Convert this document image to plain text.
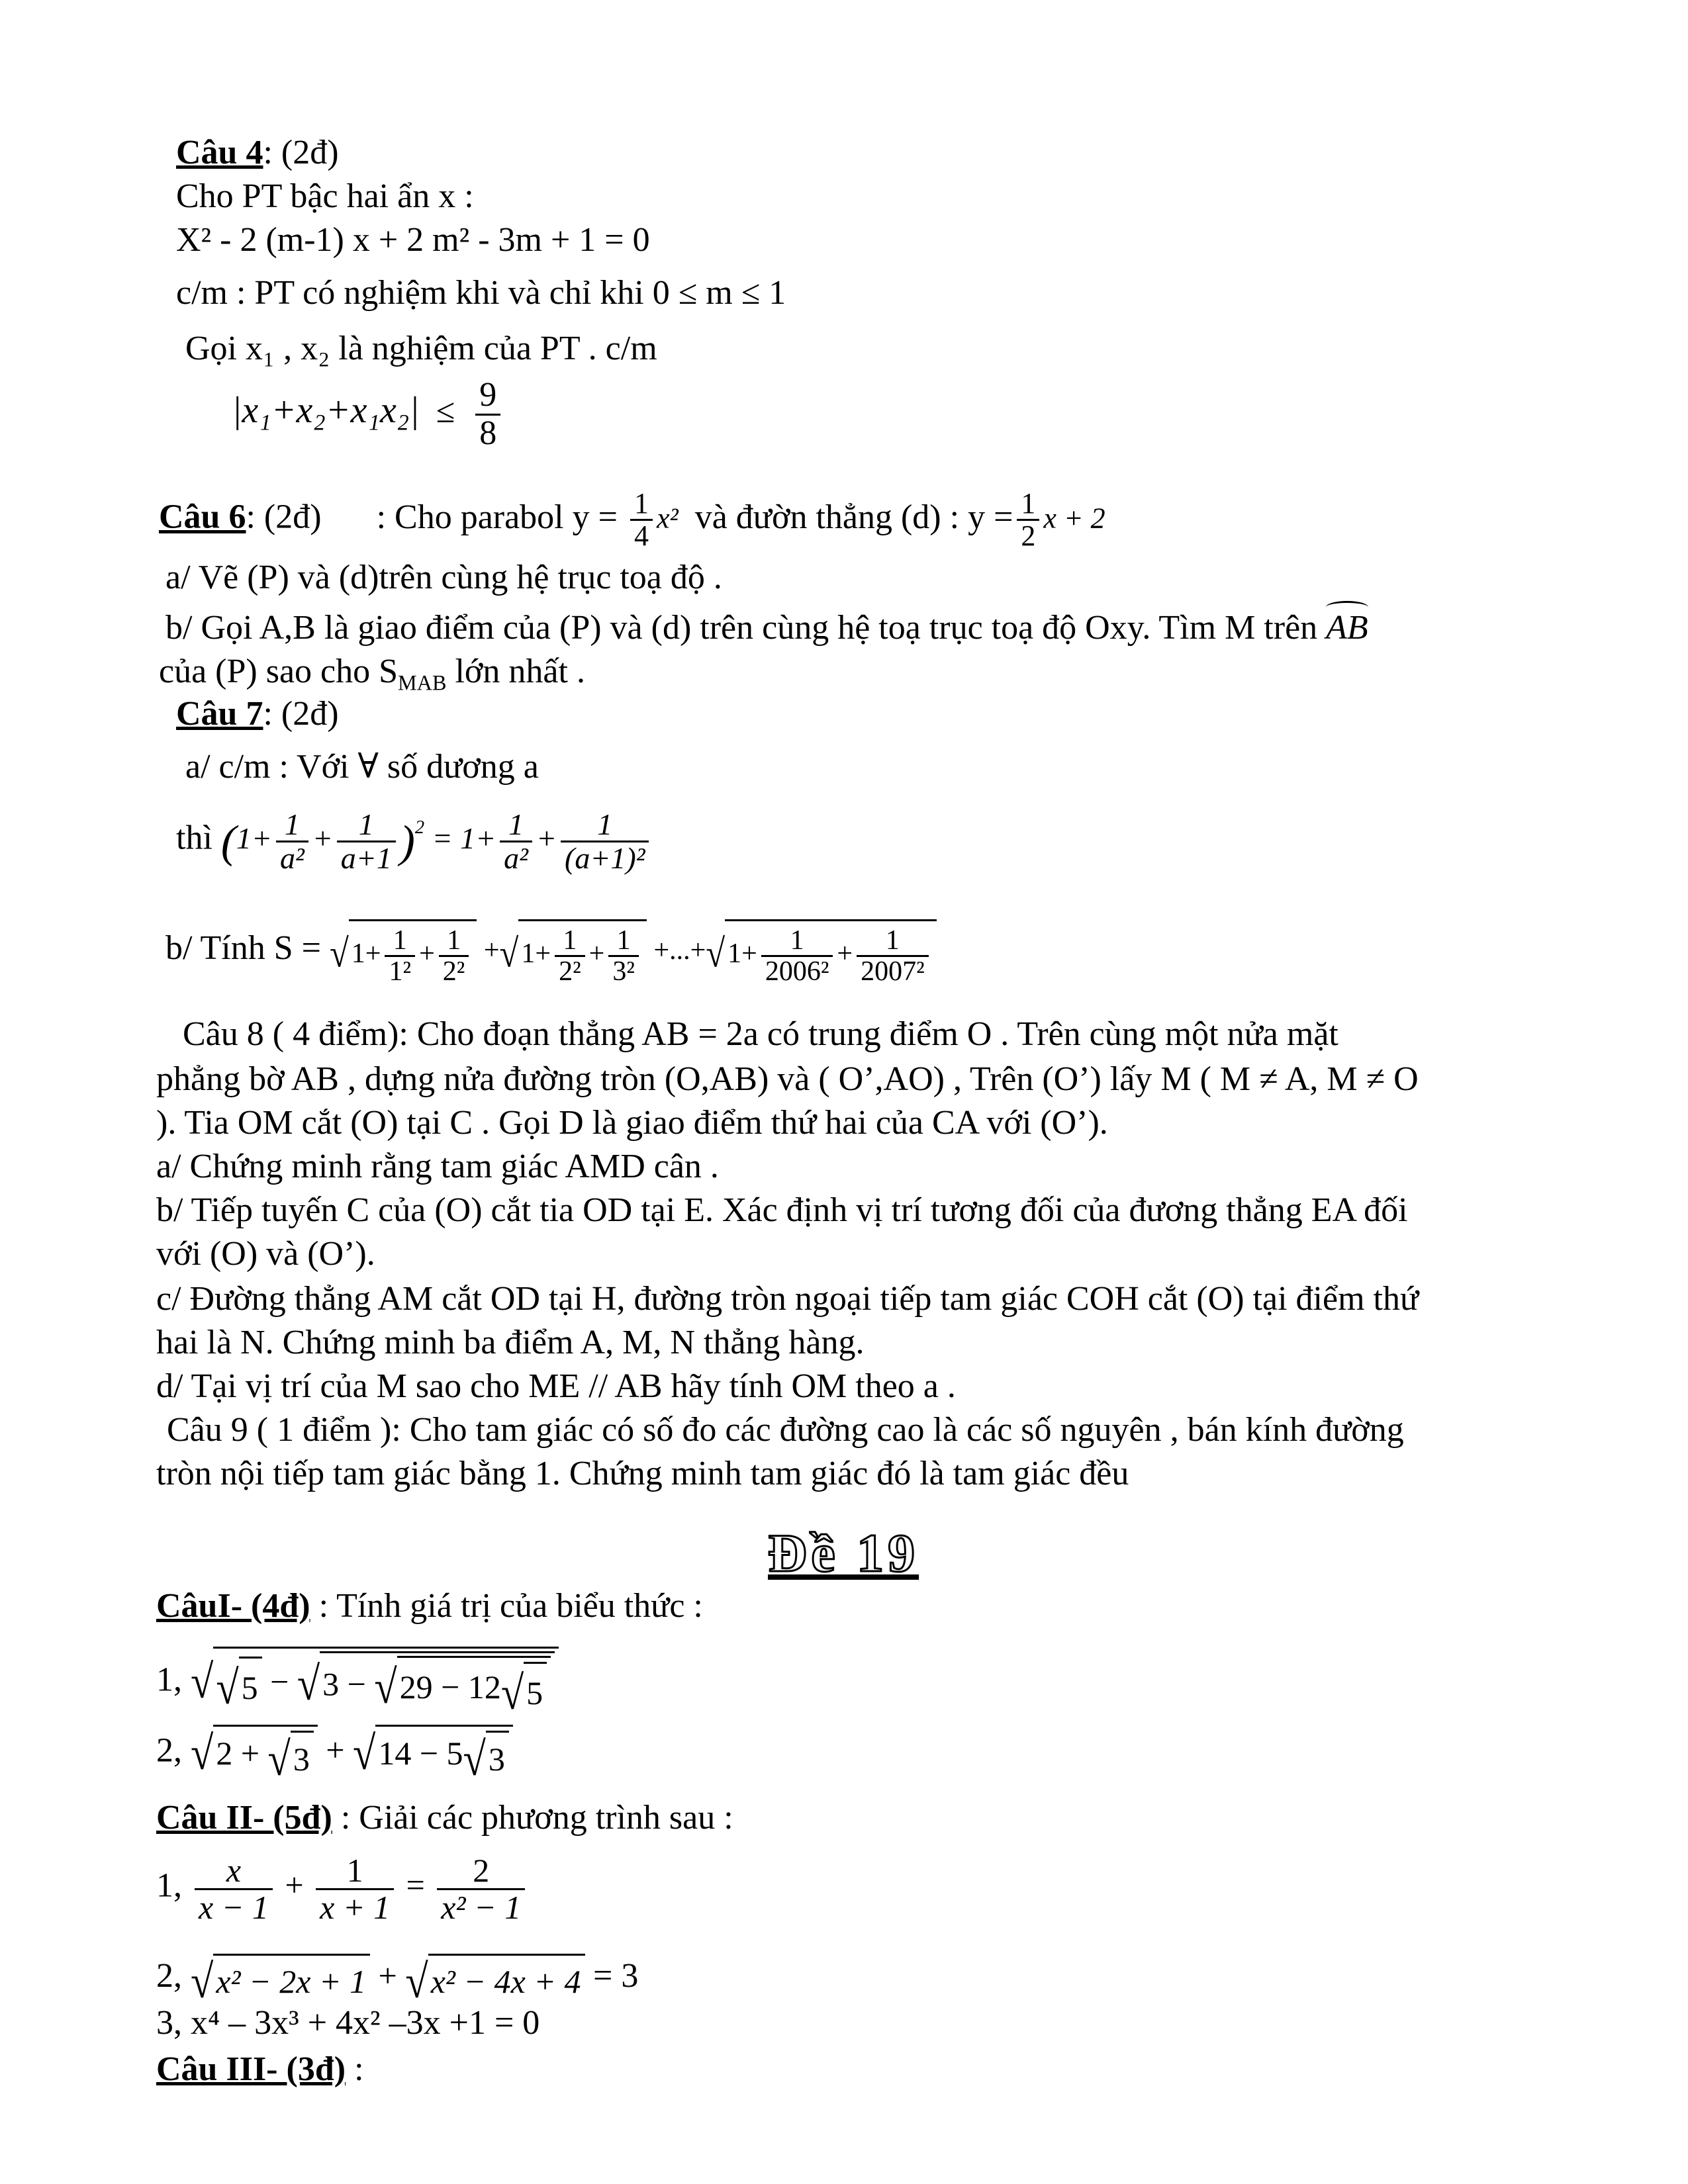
Câu 4: (2đ)
Cho PT bậc hai ẩn x :
X² - 2 (m-1) x + 2 m² - 3m + 1 = 0
c/m : PT có nghiệm khi và chỉ khi 0 ≤ m ≤ 1
Gọi x₁ , x₂ là nghiệm của PT . c/m
$|x_1+x_2+x_1x_2| \le \frac{9}{8}$
Câu 6: (2đ) : Cho parabol $y = \frac{1}{4} x^2$ và đườn thẳng (d) : $y = \frac{1}{2}$ x + 2
a/ Vẽ (P) và (d)trên cùng hệ trục toạ độ .
b/ Gọi A,B là giao điểm của (P) và (d) trên cùng hệ toạ trục toạ độ Oxy. Tìm M trên AB
của (P) sao cho $S_{MAB}$ lớn nhất .
Câu 7: (2đ)
a/ c/m : Với ∀ số dương a
thì $(1+ \frac{1}{\text{a²}} + \frac{1}{a+1} )^2 = 1+ \frac{1}{\text{a²}} + \frac{1}{\text{(a+1)²}}$
b/ Tính $S = √1+ \frac{1}{\text{1²}} + \frac{1}{\text{2²}} +√1+ \frac{1}{\text{2²}} + \frac{1}{\text{3²}} +...+√1+ \frac{1}{\text{2006²}} + \frac{1}{\text{2007²}}$
Câu 8 ( 4 điểm): Cho đoạn thẳng AB = 2a có trung điểm O . Trên cùng một nửa mặt
phẳng bờ AB , dựng nửa đường tròn (O,AB) và ( O’,AO) , Trên (O’) lấy M ( M ≠ A, M ≠ O
). Tia OM cắt (O) tại C . Gọi D là giao điểm thứ hai của CA với (O’).
a/ Chứng minh rằng tam giác AMD cân .
b/ Tiếp tuyến C của (O) cắt tia OD tại E. Xác định vị trí tương đối của đương thẳng EA đối
với (O) và (O’).
c/ Đường thẳng AM cắt OD tại H, đường tròn ngoại tiếp tam giác COH cắt (O) tại điểm thứ
hai là N. Chứng minh ba điểm A, M, N thẳng hàng.
d/ Tại vị trí của M sao cho ME // AB hãy tính OM theo a .
Câu 9 ( 1 điểm ): Cho tam giác có số đo các đường cao là các số nguyên , bán kính đường
tròn nội tiếp tam giác bằng 1. Chứng minh tam giác đó là tam giác đều
Đề 19
CâuI- (4đ) : Tính giá trị của biểu thức :
1, √√5 − √3 − √29 − 12√5
2, √2 + √3 + √14 − 5√3
Câu II- (5đ) : Giải các phương trình sau :
1, $\frac{x}{x - 1} + \frac{1}{x + 1} = \frac{2}{\text{x² − 1}}$
2, √x² − 2x + 1 + √x² − 4x + 4 = 3
3, x⁴ – 3x³ + 4x² –3x +1 = 0
Câu III- (3đ) :
